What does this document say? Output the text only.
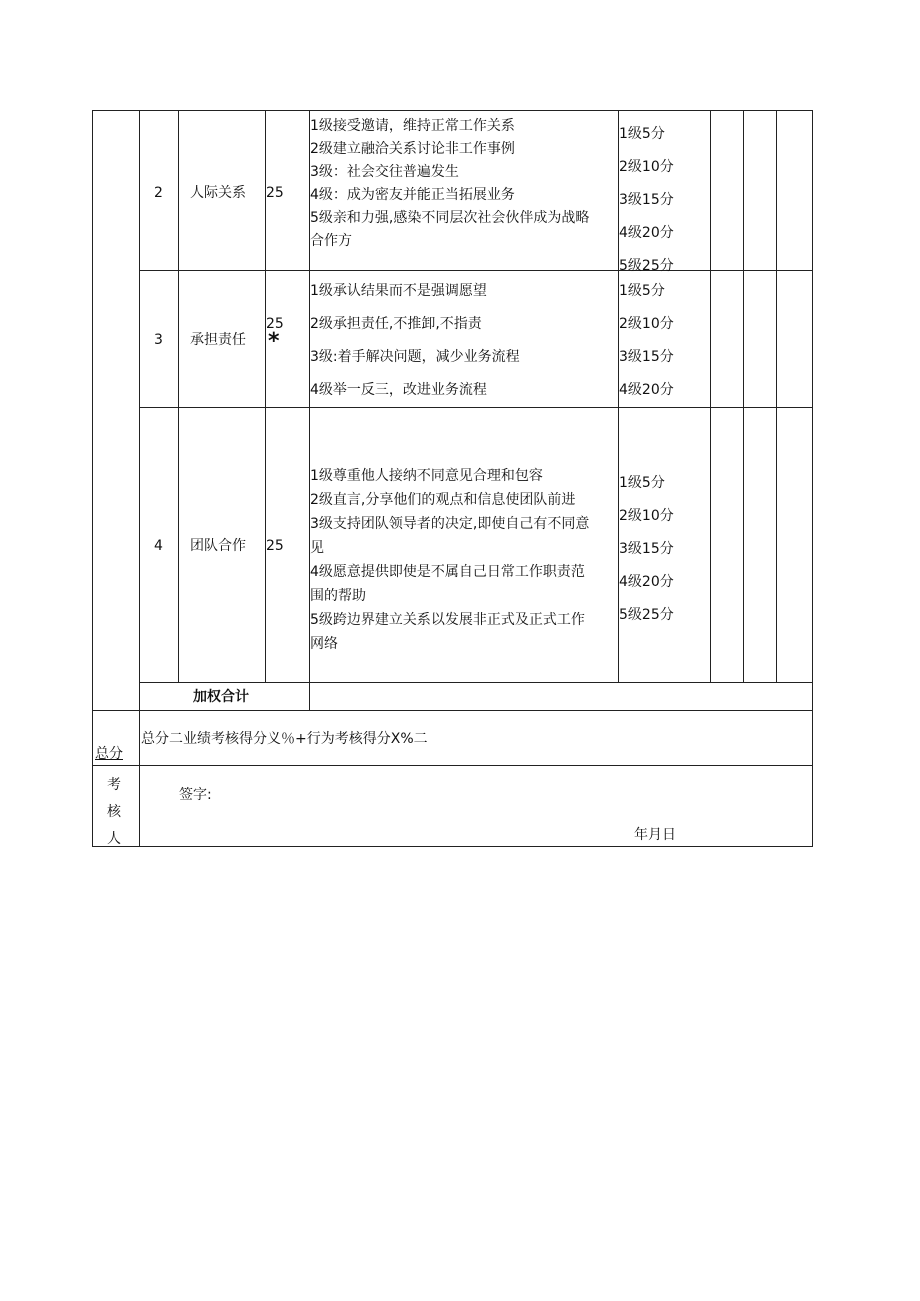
2 人际关系 25
1级接受邀请，维持正常工作关系
2级建立融洽关系讨论非工作事例
3级：社会交往普遍发生
4级：成为密友并能正当拓展业务
5级亲和力强,感染不同层次社会伙伴成为战略
合作方
1级5分
2级10分
3级15分
4级20分
5级25分
3 承担责任
25
*
1级承认结果而不是强调愿望
2级承担责任,不推卸,不指责
3级:着手解决问题，减少业务流程
4级举一反三，改进业务流程
1级5分
2级10分
3级15分
4级20分
4 团队合作 25
1级尊重他人接纳不同意见合理和包容
2级直言,分享他们的观点和信息使团队前进
3级支持团队领导者的决定,即使自己有不同意
见
4级愿意提供即使是不属自己日常工作职责范
围的帮助
5级跨边界建立关系以发展非正式及正式工作
网络
1级5分
2级10分
3级15分
4级20分
5级25分
加权合计
总分
总分二业绩考核得分义％+行为考核得分X%二
考
核
人
签字:
年月日
